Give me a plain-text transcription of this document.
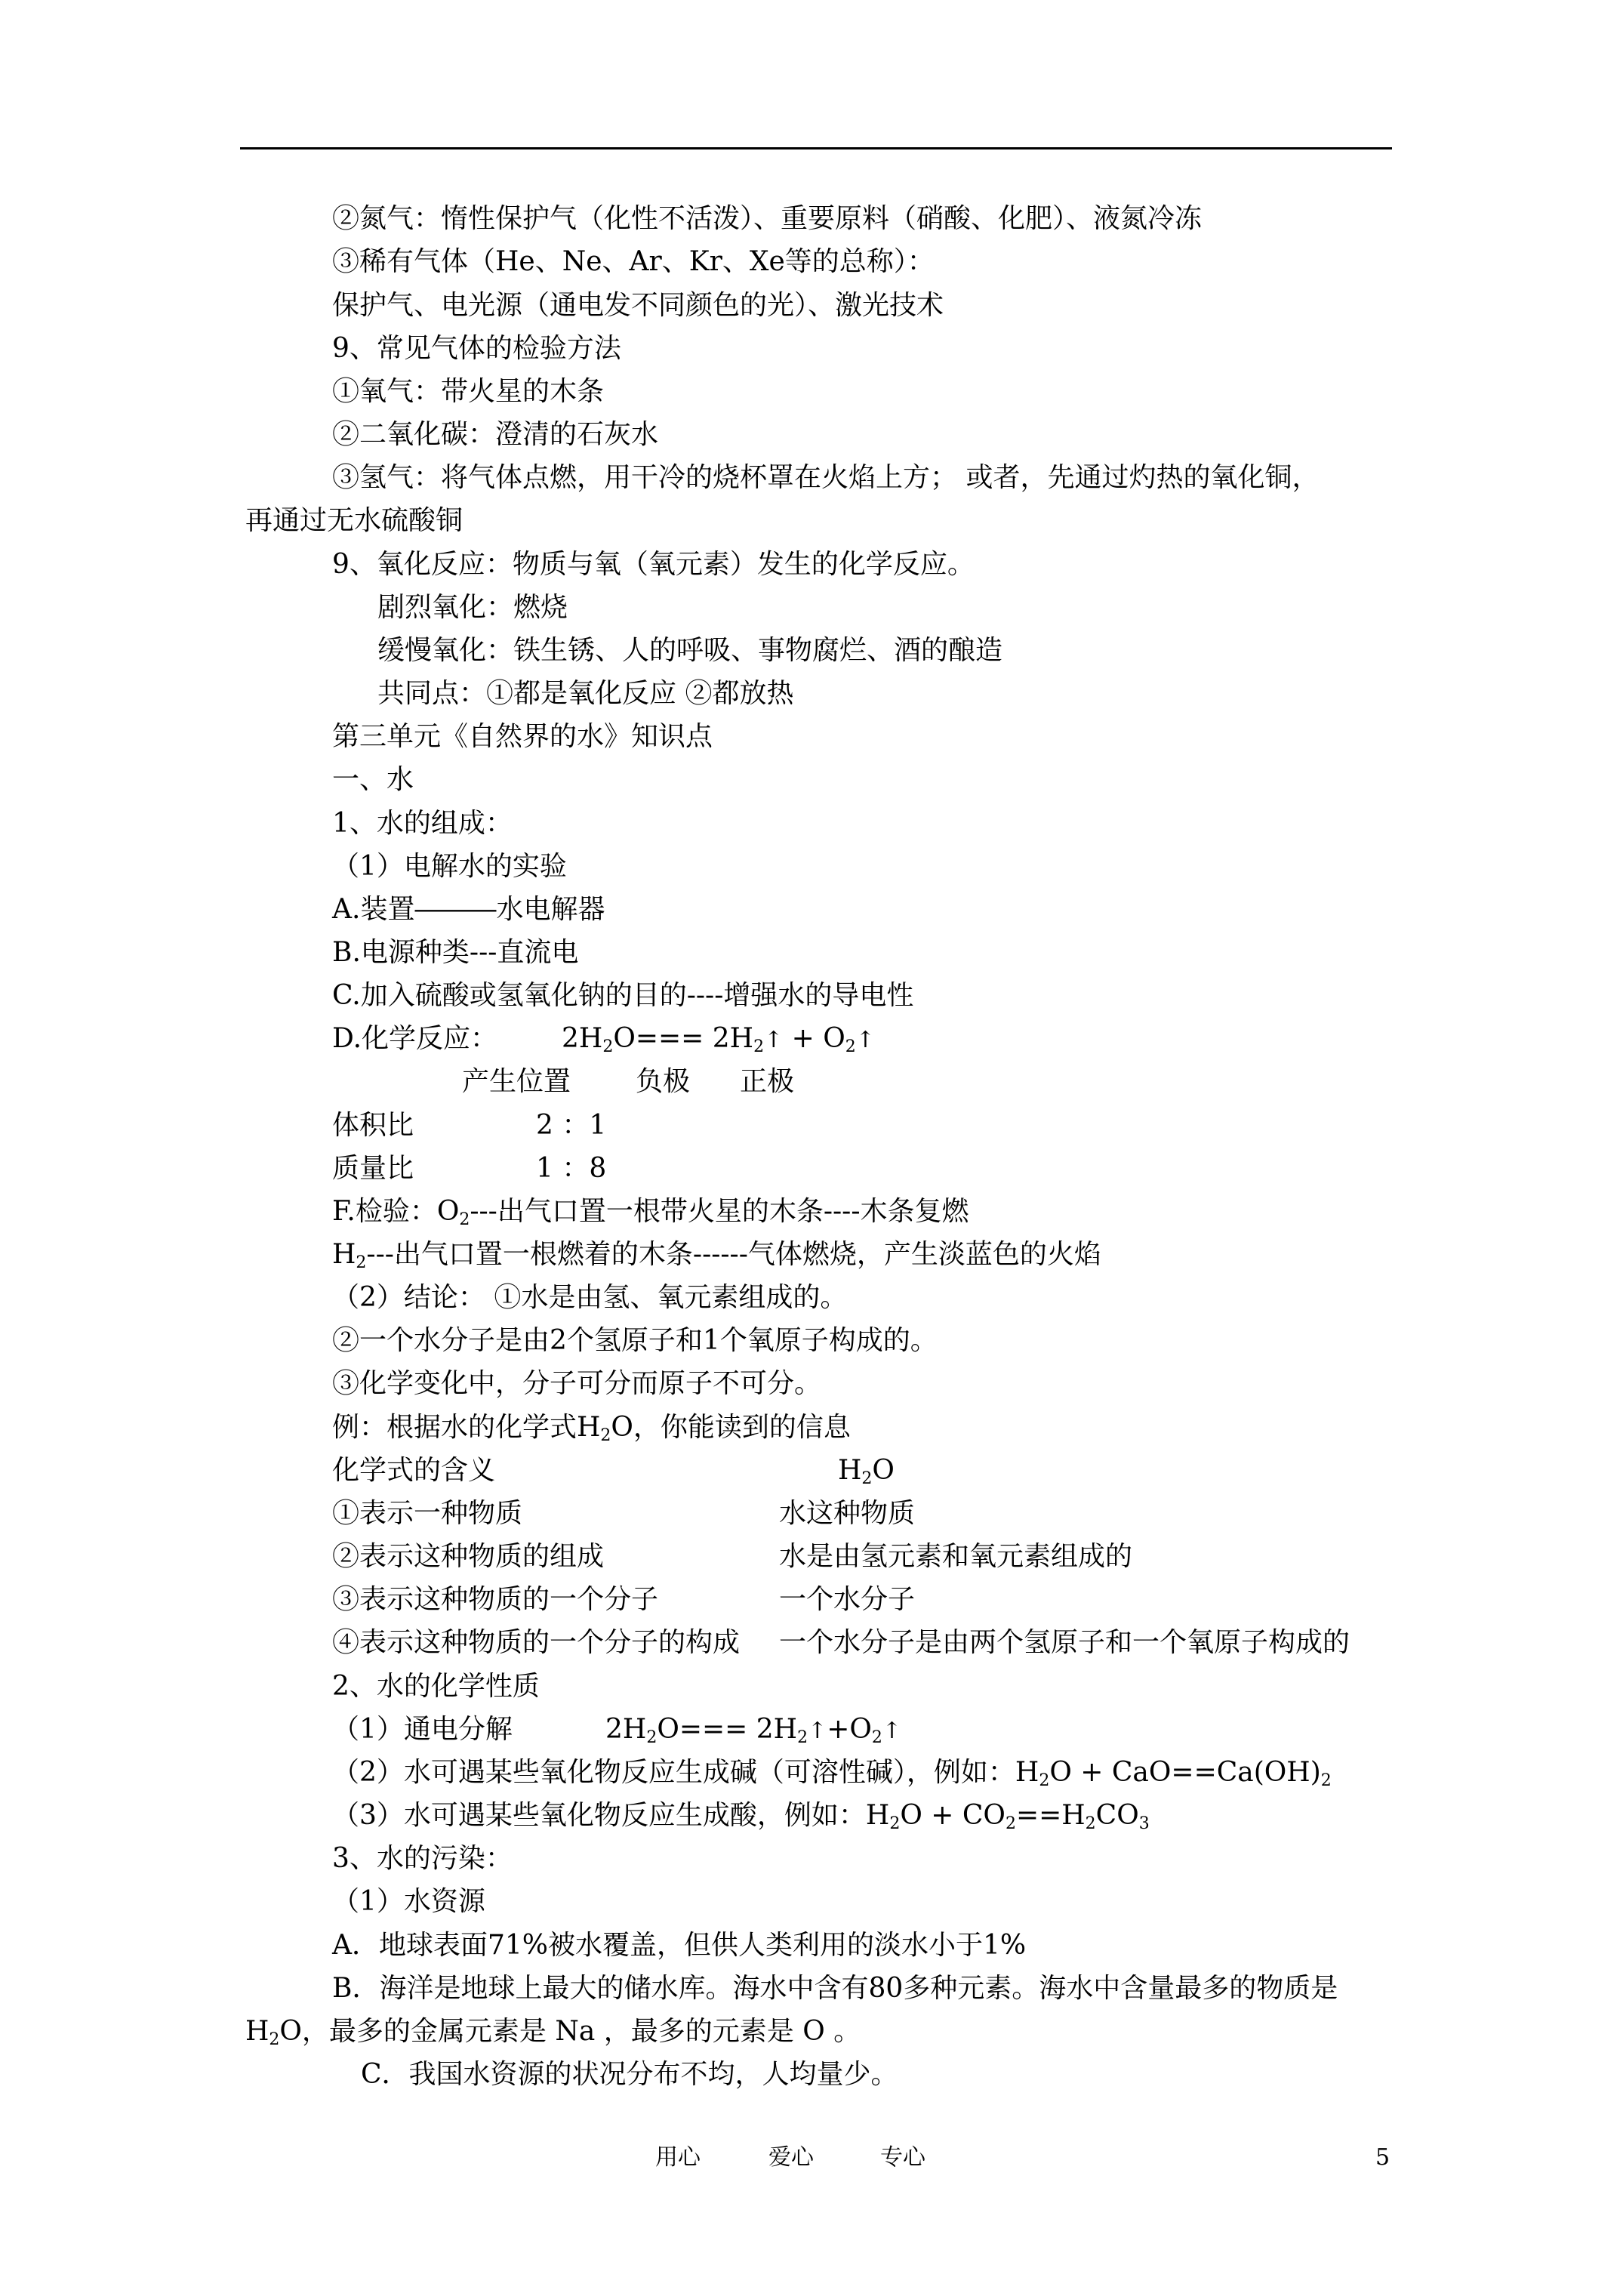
②氮气：惰性保护气（化性不活泼）、重要原料（硝酸、化肥）、液氮冷冻
③稀有气体（He、Ne、Ar、Kr、Xe等的总称）：
保护气、电光源（通电发不同颜色的光）、激光技术
9、常见气体的检验方法
①氧气：带火星的木条
②二氧化碳：澄清的石灰水
③氢气：将气体点燃，用干冷的烧杯罩在火焰上方； 或者，先通过灼热的氧化铜，
再通过无水硫酸铜
9、氧化反应：物质与氧（氧元素）发生的化学反应。
剧烈氧化：燃烧
缓慢氧化：铁生锈、人的呼吸、事物腐烂、酒的酿造
共同点：①都是氧化反应 ②都放热
第三单元《自然界的水》知识点
一、水
1、水的组成：
（1）电解水的实验
A.装置―――水电解器
B.电源种类---直流电
C.加入硫酸或氢氧化钠的目的----增强水的导电性
D.化学反应： $2H_2O===$ $2H_2↑$ + $O_2↑$
产生位置 负极 正极
体积比	2 ：1
质量比	1 ：8
F.检验：$O_2---$出气口置一根带火星的木条----木条复燃
$H_2---$出气口置一根燃着的木条------气体燃烧，产生淡蓝色的火焰
（2）结论： ①水是由氢、氧元素组成的。
②一个水分子是由2个氢原子和1个氧原子构成的。
③化学变化中，分子可分而原子不可分。
例：根据水的化学式$H_2O$，你能读到的信息
化学式的含义	$H_2O$
①表示一种物质	水这种物质
②表示这种物质的组成	水是由氢元素和氧元素组成的
③表示这种物质的一个分子	一个水分子
④表示这种物质的一个分子的构成 一个水分子是由两个氢原子和一个氧原子构成的
2、水的化学性质
（1）通电分解	$2H_2O===$ $2H_2↑+O_2↑$
（2）水可遇某些氧化物反应生成碱（可溶性碱），例如：$H_2O + CaO==Ca(OH)_2$
（3）水可遇某些氧化物反应生成酸，例如：$H_2O + CO_2==H_2CO_3$
3、水的污染：
（1）水资源
A．地球表面71%被水覆盖，但供人类利用的淡水小于1%
B．海洋是地球上最大的储水库。海水中含有80多种元素。海水中含量最多的物质是
$H_2O$，最多的金属元素是 Na ，最多的元素是 O 。
C．我国水资源的状况分布不均，人均量少。
用心	爱心	专心	5
